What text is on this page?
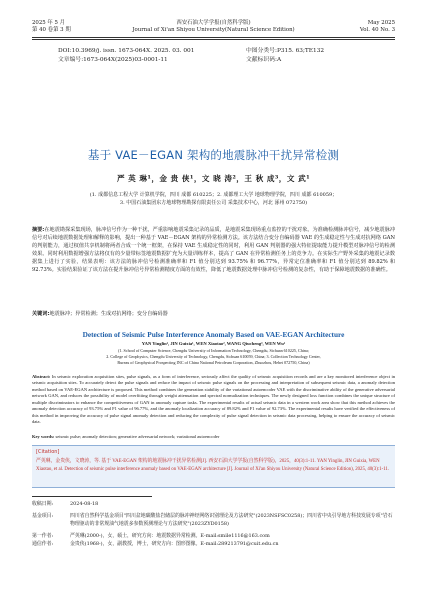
2025 年 5 月
第 40 卷第 3 期
西安石油大学学报(自然科学版)
Journal of Xi'an Shiyou University(Natural Science Edition)
May 2025
Vol. 40 No. 3
DOI:10.3969/j. issn. 1673-064X. 2025. 03. 001	中图分类号:P315. 63;TE132
文章编号:1673-064X(2025)03-0001-11	文献标识码:A
基于 VAE－EGAN 架构的地震脉冲干扰异常检测
严 英 琳¹，金 贵 侠¹，文 晓 涛²，王 秋 成³，文 武¹
(1. 成都信息工程大学 计算机学院，四川 成都 610225；2. 成都理工大学 地球物理学院，四川 成都 610059；
3. 中国石油集团东方地球物理勘探有限责任公司 采集技术中心，河北 涿州 072750)
摘要:在地震勘探采集现场，脉冲信号作为一种干扰，严重影响地震采集记录的品质，是地震采集现场重点监控的干扰对象。为准确检测脉冲信号，减少地震脉冲信号对后续地震数据处理和解释的影响，提出一种基于 VAE－EGAN 架构的异常检测方法。该方法结合变分自编码器 VAE 的生成稳定性与生成对抗网络 GAN 的判别能力，通过权值共享机制将两者合成一个统一框架，在保持 VAE 生成稳定性的同时，利用 GAN 判别器的强大特征提取能力提升模型对脉冲信号的检测效果。同时利用数据增强方法将仅有的少量带标签地震数据扩充为大量训练样本，提高了 GAN 在异常检测任务上的竞争力。在实际生产野外采集的地震记录数据集上进行了实验，结果表明：该方法的脉冲信号检测准确率和 F1 值分别达到 93.75% 和 96.77%，异常定位准确率和 F1 值分别达到 89.82% 和 92.73%。实验结果验证了该方法在提升脉冲信号异常检测精度方面的有效性，降低了地震数据处理中脉冲信号检测的复杂性，有助于保障地震数据的准确性。
关键词:地震脉冲；异常检测；生成对抗网络；变分自编码器
Detection of Seismic Pulse Interference Anomaly Based on VAE-EGAN Architecture
YAN Yinglin¹, JIN Guixia¹, WEN Xiaotao², WANG Qiucheng³, WEN Wu¹
(1. School of Computer Science, Chengdu University of Information Technology, Chengdu, Sichuan 610225, China;
2. College of Geophysics, Chengdu University of Technology, Chengdu, Sichuan 610059, China; 3. Collection Technology Center,
Bureau of Geophysical Prospecting INC of China National Petroleum Corporation, Zhuozhou, Hebei 072750, China)
Abstract: In seismic exploration acquisition sites, pulse signals, as a form of interference, seriously affect the quality of seismic acquisition records and are a key monitored interference object in seismic acquisition sites. To accurately detect the pulse signals and reduce the impact of seismic pulse signals on the processing and interpretation of subsequent seismic data, a anomaly detection method based on VAE-EGAN architecture is proposed. This method combines the generation stability of the variational autoencoder VAE with the discriminative ability of the generative adversarial network GAN, and reduces the possibility of model overfitting through weight attenuation and spectral normalization techniques. The newly designed loss function combines the unique structure of multiple discriminators to enhance the competitiveness of GAN in anomaly capture tasks. The experimental results of actual seismic data in a western work area show that this method achieves the anomaly detection accuracy of 93.75% and F1 value of 96.77%, and the anomaly localization accuracy of 89.82% and F1 value of 92.73%. The experimental results have verified the effectiveness of this method in improving the accuracy of pulse signal anomaly detection and reducing the complexity of pulse signal detection in seismic data processing, helping to ensure the accuracy of seismic data.
Key words: seismic pulse; anomaly detection; generative adversarial network; variational autoencoder
[Citation]
严英琳，金贵侠，文晓涛，等. 基于 VAE-EGAN 架构的地震脉冲干扰异常检测[J]. 西安石油大学学报(自然科学版)，2025，40(3):1-11. YAN Yinglin, JIN Guixia, WEN Xiaotao, et al. Detection of seismic pulse interference anomaly based on VAE-EGAN architecture [J]. Journal of Xi'an Shiyou University (Natural Science Edition), 2025, 40(3):1-11.
收稿日期:	2024-08-18
基金项目:	四川省自然科学基金项目"四川盆地碳酸盐岩储层的脉冲神经网络识别理论及方法研究"(2023NSFSC0258)；四川省中央引导地方科技发展专项"岩石物理驱动的非常规油气地震多参数预测理论与方法研究"(2023ZYD0158)
第一作者:	严英琳(2000-)，女，硕士，研究方向：地震数据异常检测。E-mail:smile1116@163.com
通信作者:	金贵侠(1968-)，女，副教授，博士，研究方向：图形图像。E-mail:289213791@cuit.edu.cn
